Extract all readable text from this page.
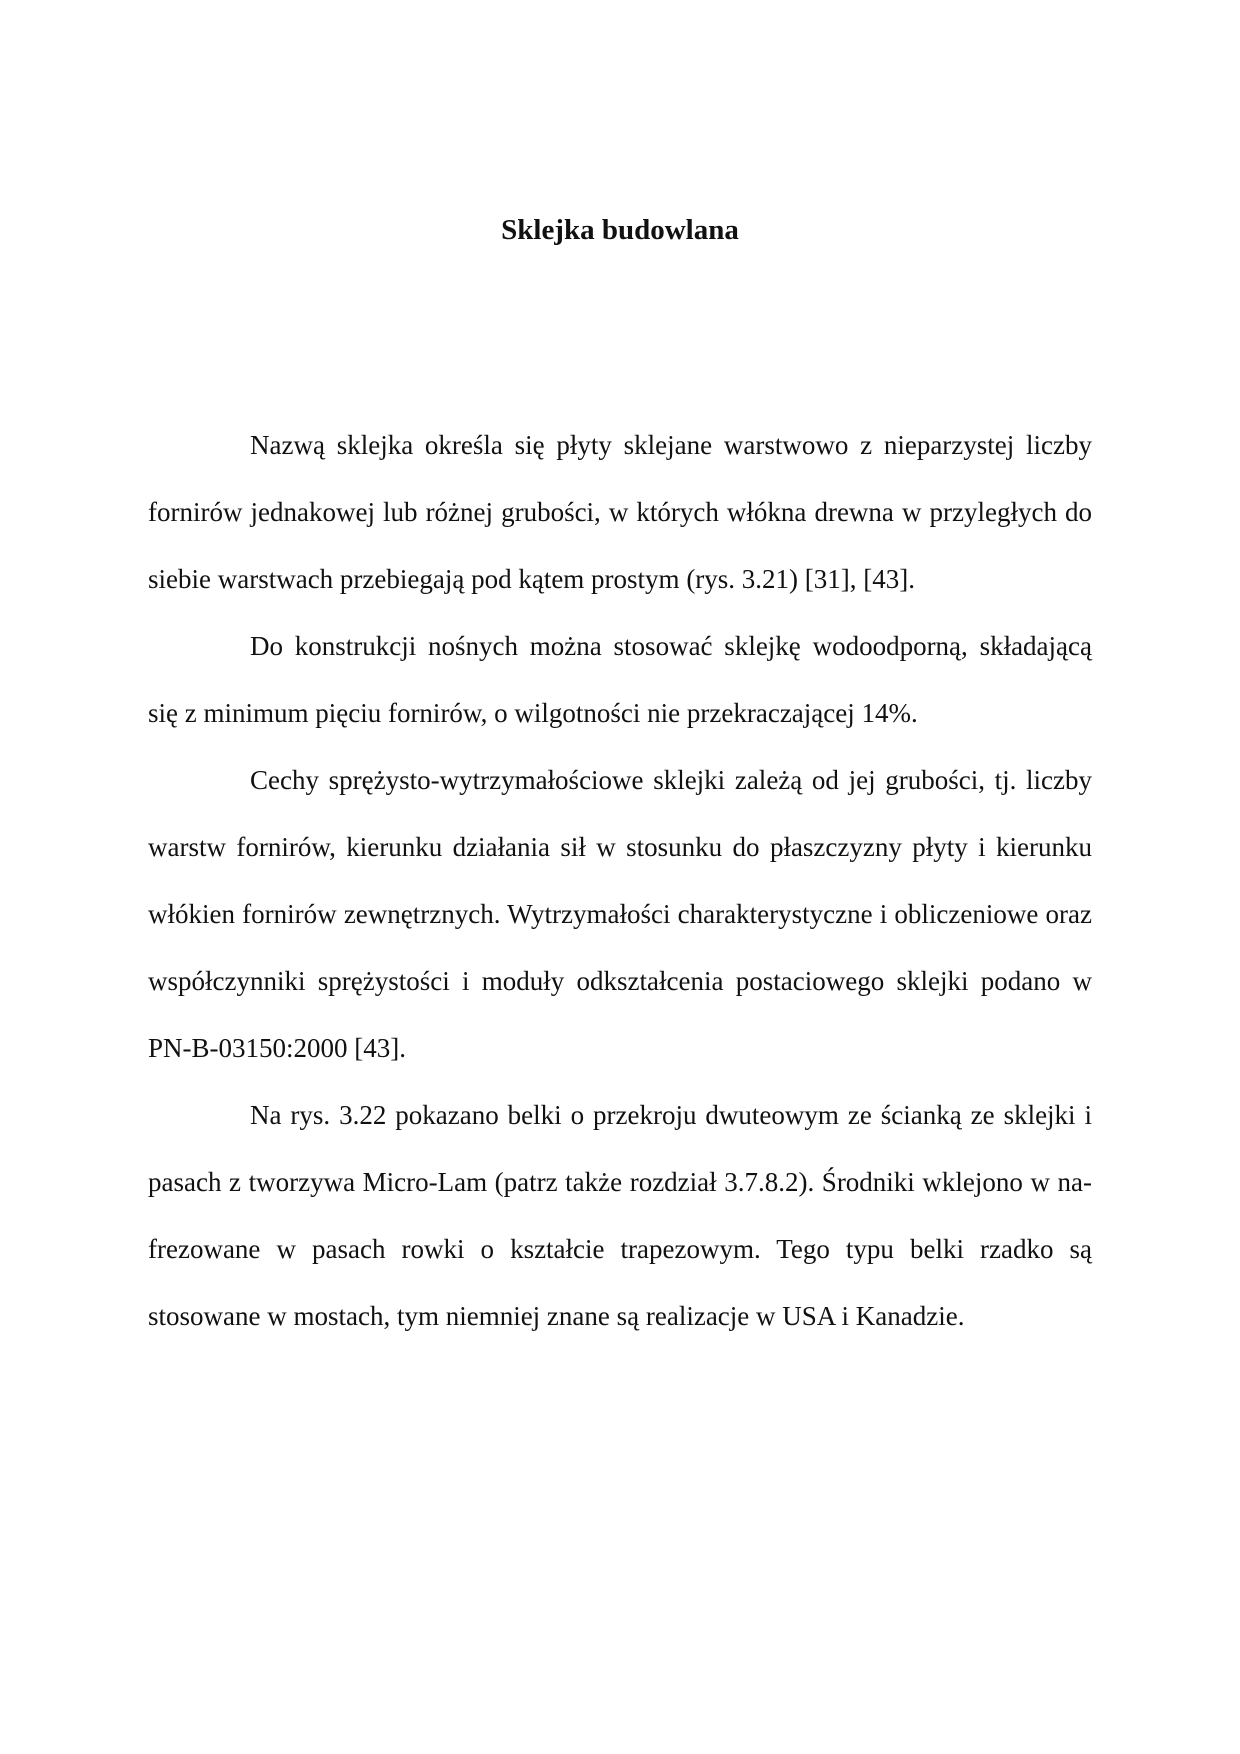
Sklejka budowlana

Nazwą sklejka określa się płyty sklejane warstwowo z nieparzystej liczby fornirów jednakowej lub różnej grubości, w których włókna drewna w przyległych do siebie warstwach przebiegają pod kątem prostym (rys. 3.21) [31], [43].

Do konstrukcji nośnych można stosować sklejkę wodoodporną, składającą się z minimum pięciu fornirów, o wilgotności nie przekraczającej 14%.

Cechy sprężysto-wytrzymałościowe sklejki zależą od jej grubości, tj. liczby warstw fornirów, kierunku działania sił w stosunku do płaszczyzny płyty i kierunku włókien fornirów zewnętrznych. Wytrzymałości charakterystyczne i obliczeniowe oraz współczynniki sprężystości i moduły odkształcenia postaciowego sklejki podano w PN-B-03150:2000 [43].

Na rys. 3.22 pokazano belki o przekroju dwuteowym ze ścianką ze sklejki i pasach z tworzywa Micro-Lam (patrz także rozdział 3.7.8.2). Środniki wklejono w na-frezowane w pasach rowki o kształcie trapezowym. Tego typu belki rzadko są stosowane w mostach, tym niemniej znane są realizacje w USA i Kanadzie.
